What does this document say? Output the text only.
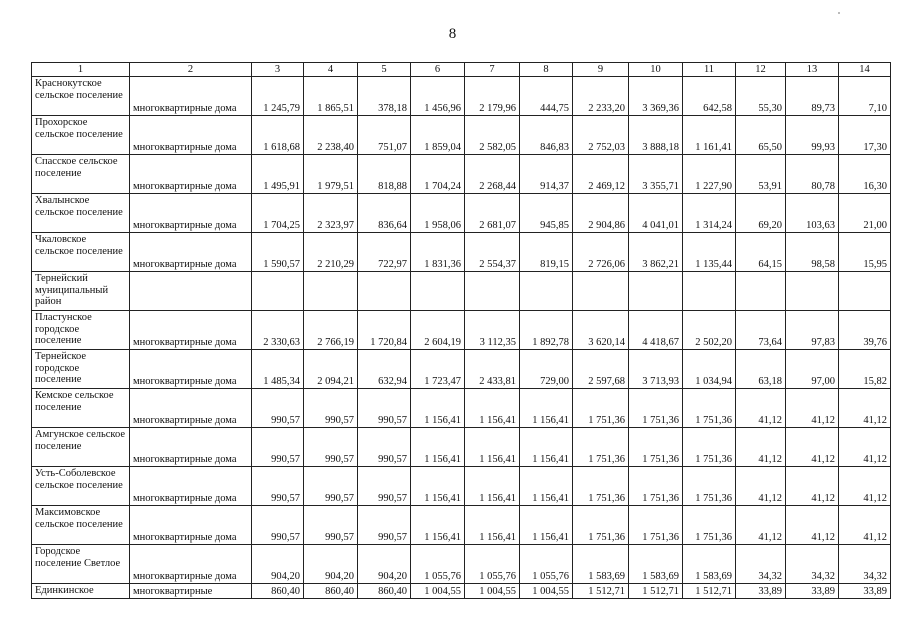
8
1	2	3	4	5	6	7	8	9	10	11	12	13	14
Краснокутское сельское поселение	многоквартирные дома	1 245,79	1 865,51	378,18	1 456,96	2 179,96	444,75	2 233,20	3 369,36	642,58	55,30	89,73	7,10
Прохорское сельское поселение	многоквартирные дома	1 618,68	2 238,40	751,07	1 859,04	2 582,05	846,83	2 752,03	3 888,18	1 161,41	65,50	99,93	17,30
Спасское сельское поселение	многоквартирные дома	1 495,91	1 979,51	818,88	1 704,24	2 268,44	914,37	2 469,12	3 355,71	1 227,90	53,91	80,78	16,30
Хвалынское сельское поселение	многоквартирные дома	1 704,25	2 323,97	836,64	1 958,06	2 681,07	945,85	2 904,86	4 041,01	1 314,24	69,20	103,63	21,00
Чкаловское сельское поселение	многоквартирные дома	1 590,57	2 210,29	722,97	1 831,36	2 554,37	819,15	2 726,06	3 862,21	1 135,44	64,15	98,58	15,95
Тернейский муниципальный район													
Пластунское городское поселение	многоквартирные дома	2 330,63	2 766,19	1 720,84	2 604,19	3 112,35	1 892,78	3 620,14	4 418,67	2 502,20	73,64	97,83	39,76
Тернейское городское поселение	многоквартирные дома	1 485,34	2 094,21	632,94	1 723,47	2 433,81	729,00	2 597,68	3 713,93	1 034,94	63,18	97,00	15,82
Кемское сельское поселение	многоквартирные дома	990,57	990,57	990,57	1 156,41	1 156,41	1 156,41	1 751,36	1 751,36	1 751,36	41,12	41,12	41,12
Амгунское сельское поселение	многоквартирные дома	990,57	990,57	990,57	1 156,41	1 156,41	1 156,41	1 751,36	1 751,36	1 751,36	41,12	41,12	41,12
Усть-Соболевское сельское поселение	многоквартирные дома	990,57	990,57	990,57	1 156,41	1 156,41	1 156,41	1 751,36	1 751,36	1 751,36	41,12	41,12	41,12
Максимовское сельское поселение	многоквартирные дома	990,57	990,57	990,57	1 156,41	1 156,41	1 156,41	1 751,36	1 751,36	1 751,36	41,12	41,12	41,12
Городское поселение Светлое	многоквартирные дома	904,20	904,20	904,20	1 055,76	1 055,76	1 055,76	1 583,69	1 583,69	1 583,69	34,32	34,32	34,32
Единкинское	многоквартирные	860,40	860,40	860,40	1 004,55	1 004,55	1 004,55	1 512,71	1 512,71	1 512,71	33,89	33,89	33,89
